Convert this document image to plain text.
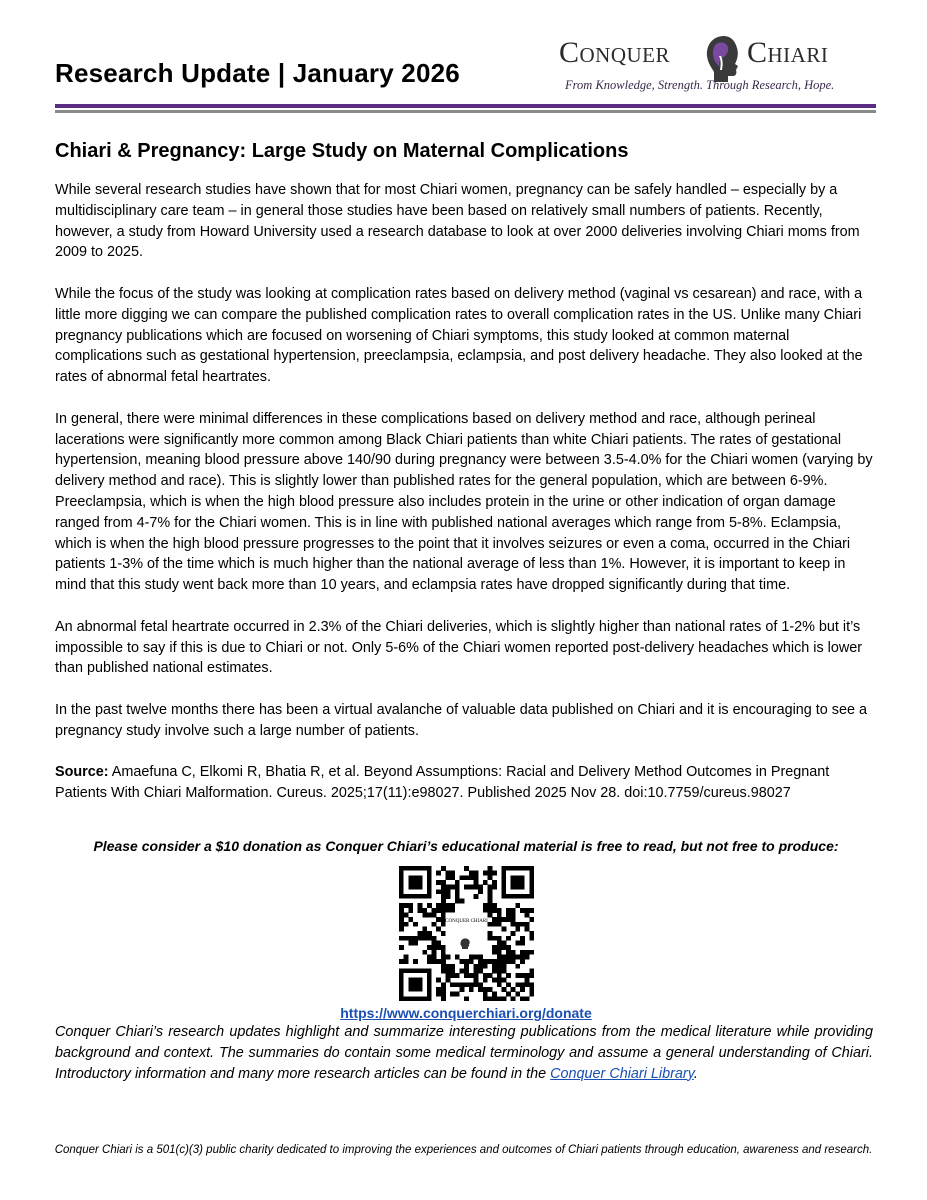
Research Update | January 2026
Conquer	Chiari
From Knowledge, Strength. Through Research, Hope.
Chiari & Pregnancy: Large Study on Maternal Complications

While several research studies have shown that for most Chiari women, pregnancy can be safely handled – especially by a multidisciplinary care team – in general those studies have been based on relatively small numbers of patients. Recently, however, a study from Howard University used a research database to look at over 2000 deliveries involving Chiari moms from 2009 to 2025.

While the focus of the study was looking at complication rates based on delivery method (vaginal vs cesarean) and race, with a little more digging we can compare the published complication rates to overall complication rates in the US. Unlike many Chiari pregnancy publications which are focused on worsening of Chiari symptoms, this study looked at common maternal complications such as gestational hypertension, preeclampsia, eclampsia, and post delivery headache. They also looked at the rates of abnormal fetal heartrates.

In general, there were minimal differences in these complications based on delivery method and race, although perineal lacerations were significantly more common among Black Chiari patients than white Chiari patients. The rates of gestational hypertension, meaning blood pressure above 140/90 during pregnancy were between 3.5-4.0% for the Chiari women (varying by delivery method and race). This is slightly lower than published rates for the general population, which are between 6-9%. Preeclampsia, which is when the high blood pressure also includes protein in the urine or other indication of organ damage ranged from 4-7% for the Chiari women. This is in line with published national averages which range from 5-8%. Eclampsia, which is when the high blood pressure progresses to the point that it involves seizures or even a coma, occurred in the Chiari patients 1-3% of the time which is much higher than the national average of less than 1%. However, it is important to keep in mind that this study went back more than 10 years, and eclampsia rates have dropped significantly during that time.

An abnormal fetal heartrate occurred in 2.3% of the Chiari deliveries, which is slightly higher than national rates of 1-2% but it’s impossible to say if this is due to Chiari or not. Only 5-6% of the Chiari women reported post-delivery headaches which is lower than published national estimates.

In the past twelve months there has been a virtual avalanche of valuable data published on Chiari and it is encouraging to see a pregnancy study involve such a large number of patients.

Source: Amaefuna C, Elkomi R, Bhatia R, et al. Beyond Assumptions: Racial and Delivery Method Outcomes in Pregnant Patients With Chiari Malformation. Cureus. 2025;17(11):e98027. Published 2025 Nov 28. doi:10.7759/cureus.98027

Please consider a $10 donation as Conquer Chiari’s educational material is free to read, but not free to produce:
CONQUER CHIARI
https://www.conquerchiari.org/donate
Conquer Chiari’s research updates highlight and summarize interesting publications from the medical literature while providing background and context. The summaries do contain some medical terminology and assume a general understanding of Chiari. Introductory information and many more research articles can be found in the Conquer Chiari Library.
Conquer Chiari is a 501(c)(3) public charity dedicated to improving the experiences and outcomes of Chiari patients through education, awareness and research.
